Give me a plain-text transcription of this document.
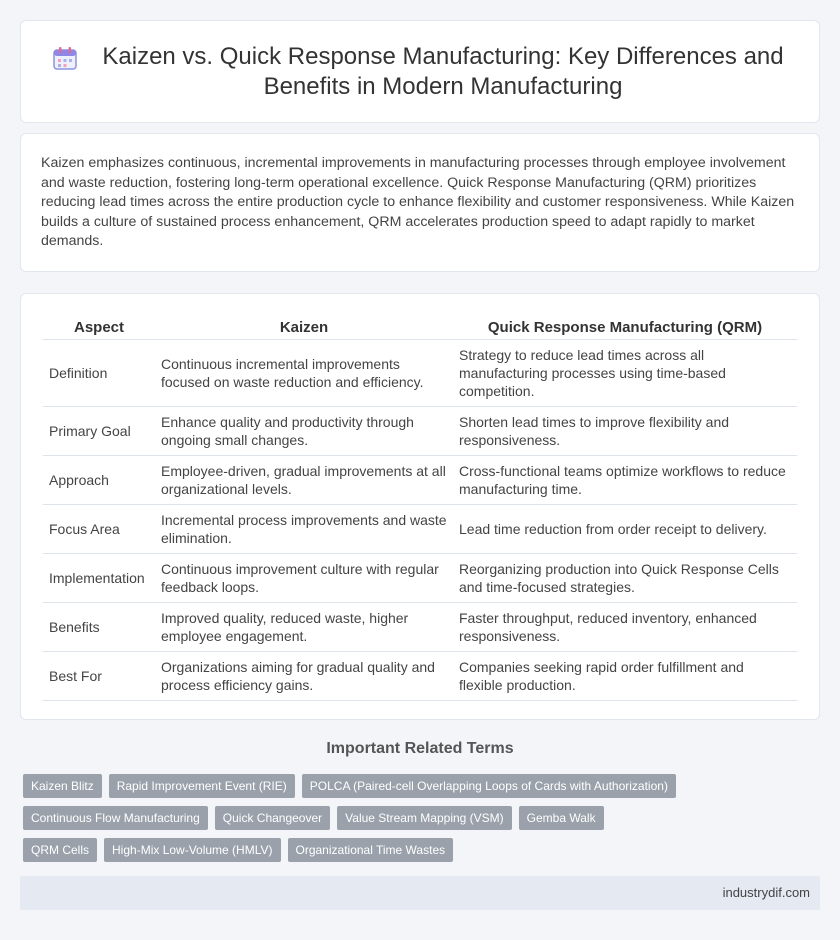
Kaizen vs. Quick Response Manufacturing: Key Differences and Benefits in Modern Manufacturing

Kaizen emphasizes continuous, incremental improvements in manufacturing processes through employee involvement and waste reduction, fostering long-term operational excellence. Quick Response Manufacturing (QRM) prioritizes reducing lead times across the entire production cycle to enhance flexibility and customer responsiveness. While Kaizen builds a culture of sustained process enhancement, QRM accelerates production speed to adapt rapidly to market demands.

Aspect	Kaizen	Quick Response Manufacturing (QRM)
Definition	Continuous incremental improvements focused on waste reduction and efficiency.	Strategy to reduce lead times across all manufacturing processes using time-based competition.
Primary Goal	Enhance quality and productivity through ongoing small changes.	Shorten lead times to improve flexibility and responsiveness.
Approach	Employee-driven, gradual improvements at all organizational levels.	Cross-functional teams optimize workflows to reduce manufacturing time.
Focus Area	Incremental process improvements and waste elimination.	Lead time reduction from order receipt to delivery.
Implementation	Continuous improvement culture with regular feedback loops.	Reorganizing production into Quick Response Cells and time-focused strategies.
Benefits	Improved quality, reduced waste, higher employee engagement.	Faster throughput, reduced inventory, enhanced responsiveness.
Best For	Organizations aiming for gradual quality and process efficiency gains.	Companies seeking rapid order fulfillment and flexible production.
Important Related Terms
Kaizen Blitz	Rapid Improvement Event (RIE)	POLCA (Paired-cell Overlapping Loops of Cards with Authorization)
Continuous Flow Manufacturing	Quick Changeover	Value Stream Mapping (VSM)	Gemba Walk
QRM Cells	High-Mix Low-Volume (HMLV)	Organizational Time Wastes
industrydif.com
